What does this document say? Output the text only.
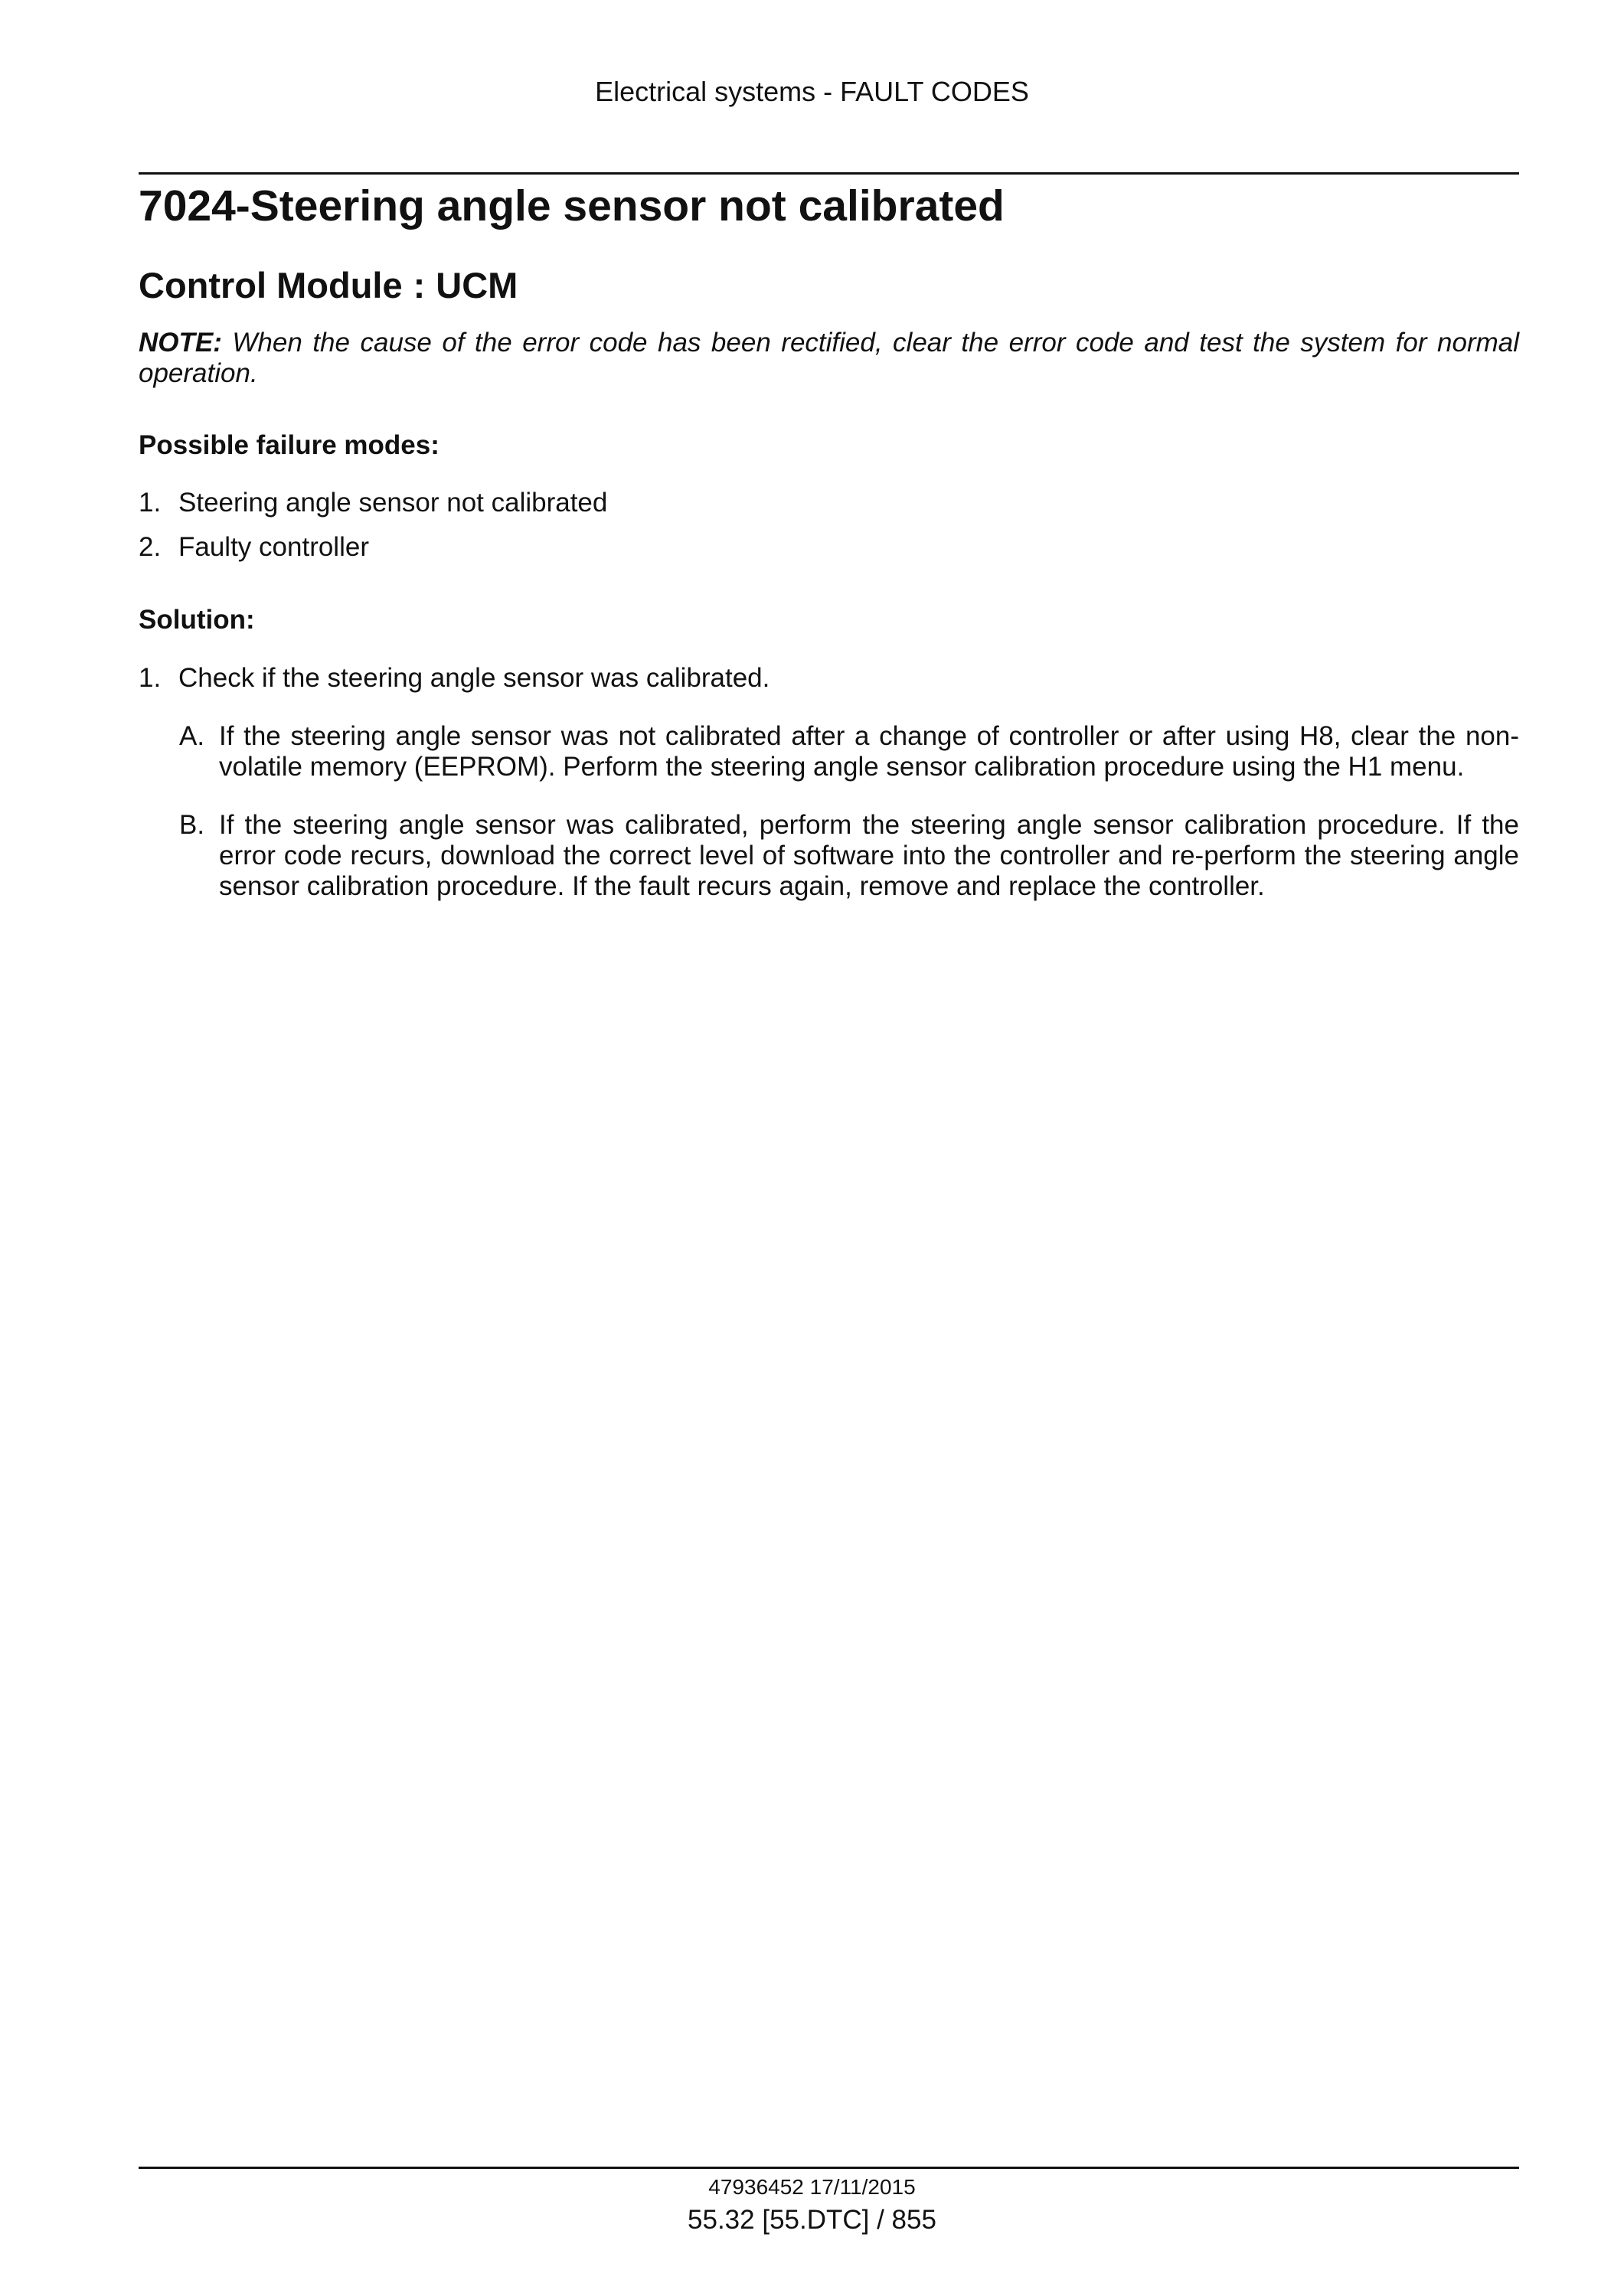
Electrical systems - FAULT CODES
7024-Steering angle sensor not calibrated
Control Module : UCM
NOTE: When the cause of the error code has been rectified, clear the error code and test the system for normal operation.
Possible failure modes:
1. Steering angle sensor not calibrated
2. Faulty controller
Solution:
1. Check if the steering angle sensor was calibrated.
A. If the steering angle sensor was not calibrated after a change of controller or after using H8, clear the non-volatile memory (EEPROM). Perform the steering angle sensor calibration procedure using the H1 menu.
B. If the steering angle sensor was calibrated, perform the steering angle sensor calibration procedure. If the error code recurs, download the correct level of software into the controller and re-perform the steering angle sensor calibration procedure. If the fault recurs again, remove and replace the controller.
47936452 17/11/2015
55.32 [55.DTC] / 855
